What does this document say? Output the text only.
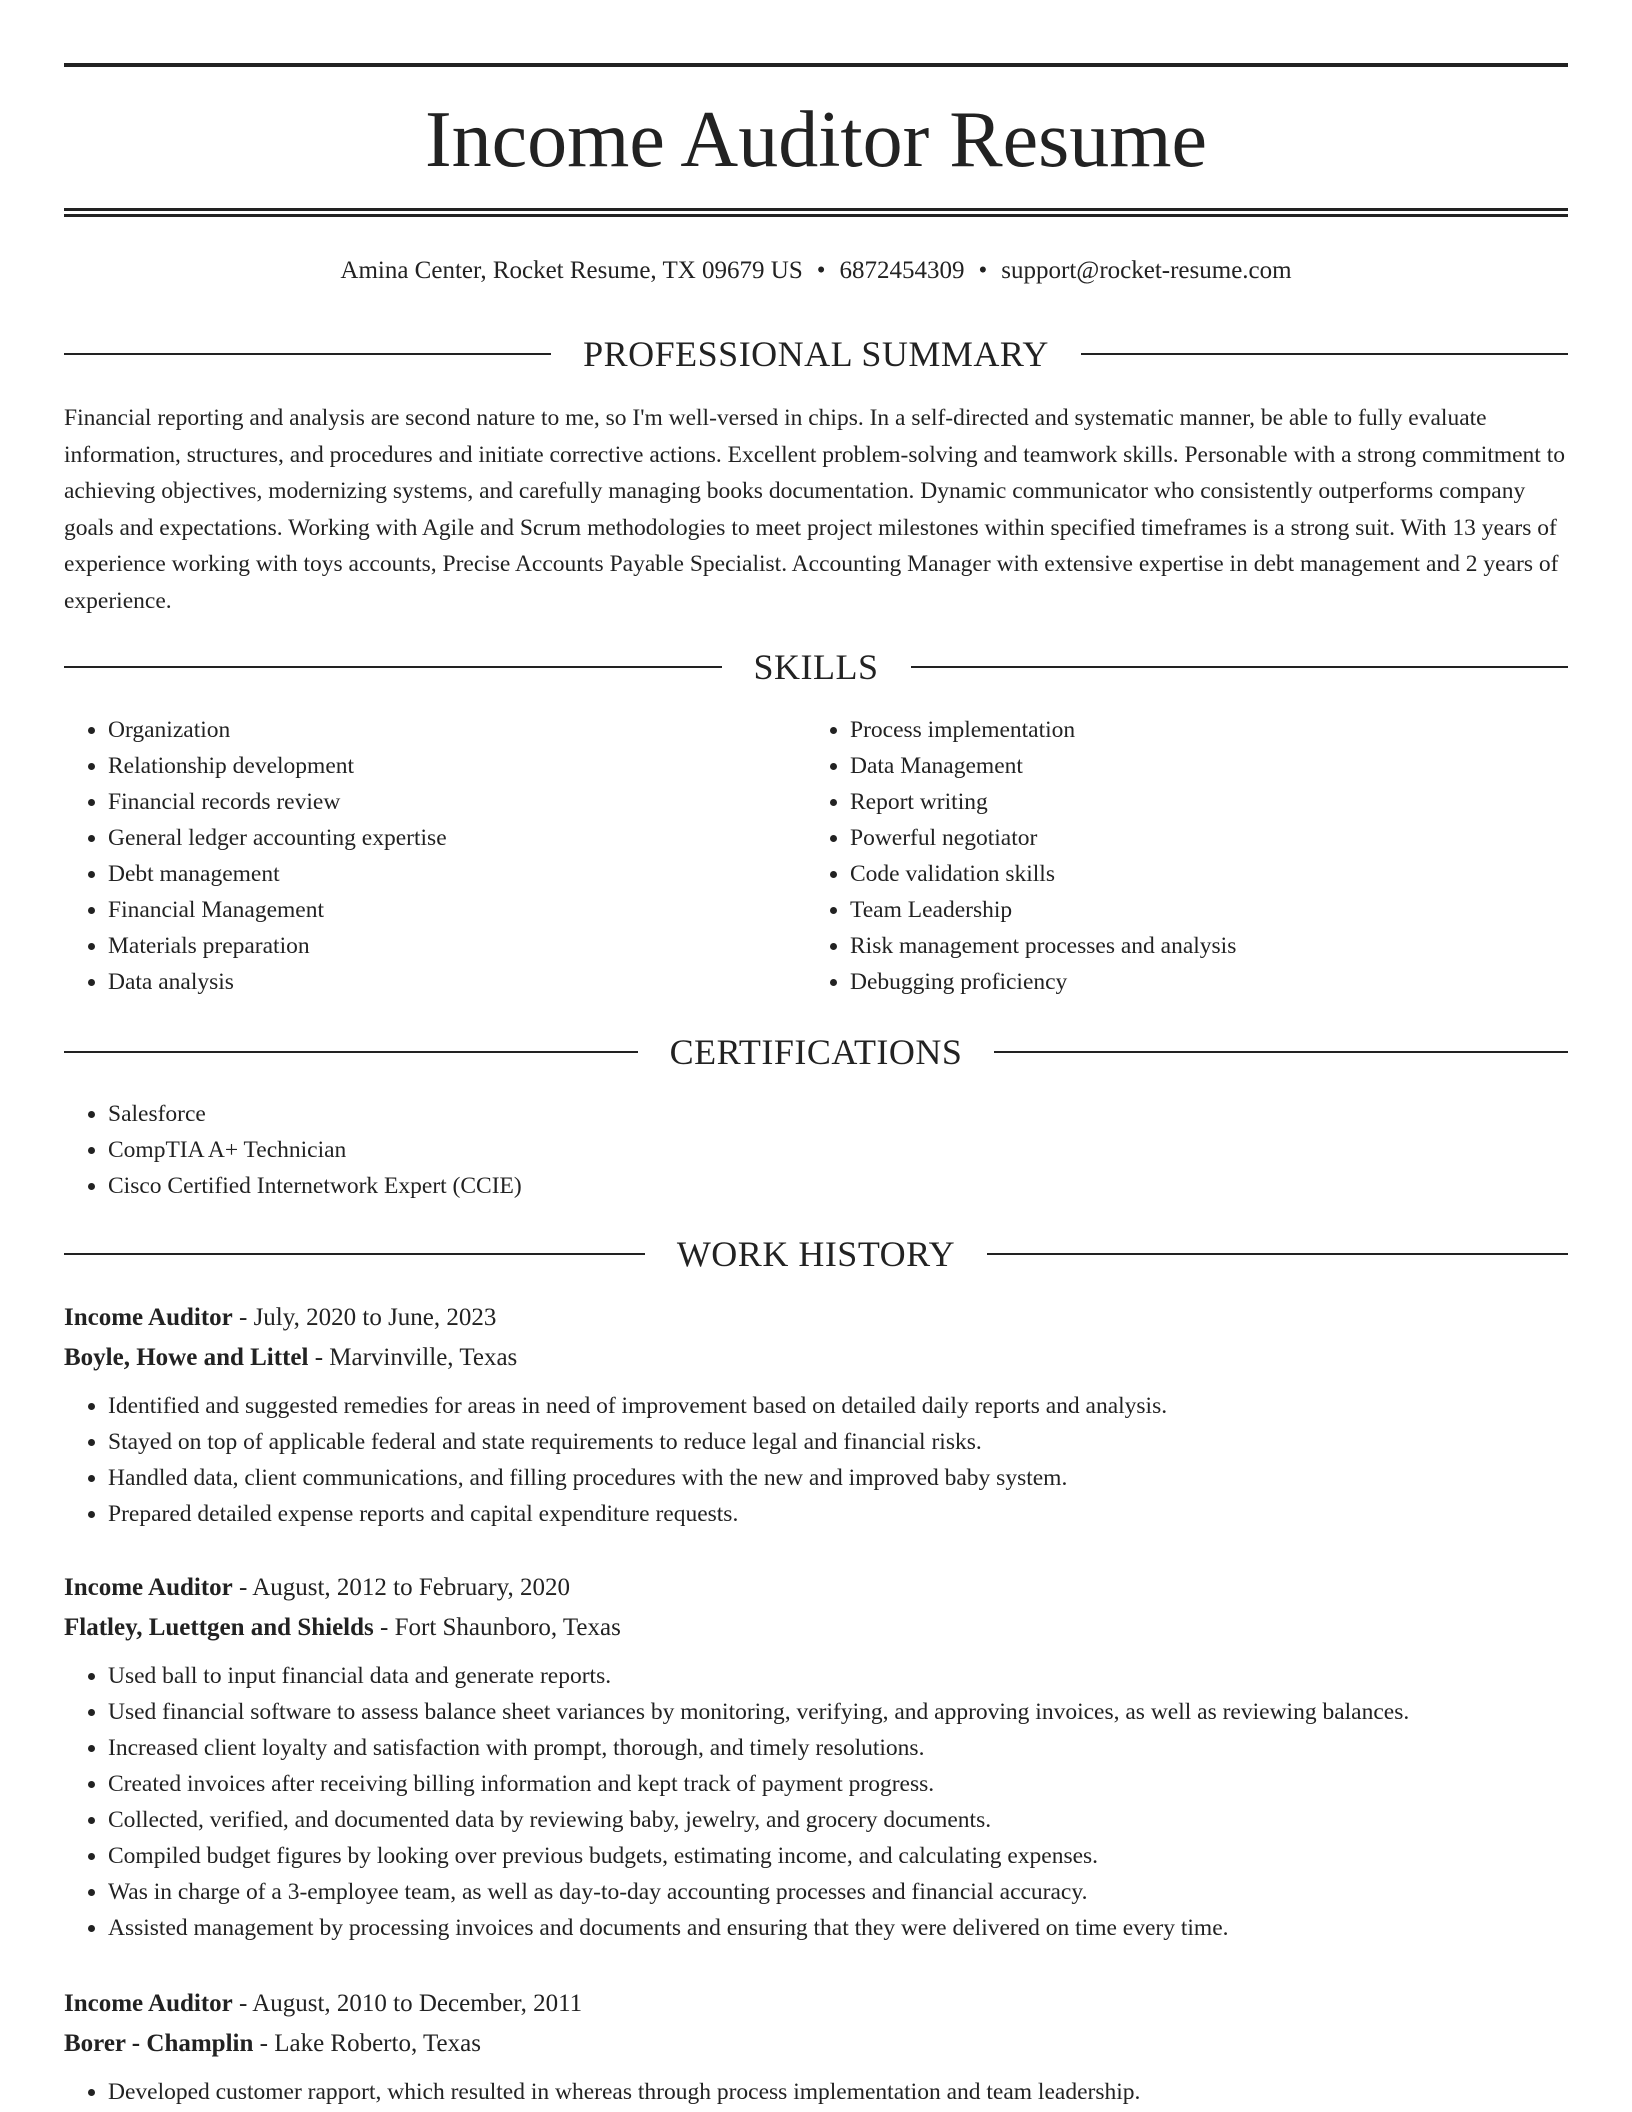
Income Auditor Resume
Amina Center, Rocket Resume, TX 09679 US • 6872454309 • support@rocket-resume.com
PROFESSIONAL SUMMARY

Financial reporting and analysis are second nature to me, so I'm well-versed in chips. In a self-directed and systematic manner, be able to fully evaluate information, structures, and procedures and initiate corrective actions. Excellent problem-solving and teamwork skills. Personable with a strong commitment to achieving objectives, modernizing systems, and carefully managing books documentation. Dynamic communicator who consistently outperforms company goals and expectations. Working with Agile and Scrum methodologies to meet project milestones within specified timeframes is a strong suit. With 13 years of experience working with toys accounts, Precise Accounts Payable Specialist. Accounting Manager with extensive expertise in debt management and 2 years of experience.

SKILLS
• Organization
• Relationship development
• Financial records review
• General ledger accounting expertise
• Debt management
• Financial Management
• Materials preparation
• Data analysis
• Process implementation
• Data Management
• Report writing
• Powerful negotiator
• Code validation skills
• Team Leadership
• Risk management processes and analysis
• Debugging proficiency
CERTIFICATIONS
• Salesforce
• CompTIA A+ Technician
• Cisco Certified Internetwork Expert (CCIE)
WORK HISTORY
Income Auditor - July, 2020 to June, 2023
Boyle, Howe and Littel - Marvinville, Texas
• Identified and suggested remedies for areas in need of improvement based on detailed daily reports and analysis.
• Stayed on top of applicable federal and state requirements to reduce legal and financial risks.
• Handled data, client communications, and filling procedures with the new and improved baby system.
• Prepared detailed expense reports and capital expenditure requests.
Income Auditor - August, 2012 to February, 2020
Flatley, Luettgen and Shields - Fort Shaunboro, Texas
• Used ball to input financial data and generate reports.
• Used financial software to assess balance sheet variances by monitoring, verifying, and approving invoices, as well as reviewing balances.
• Increased client loyalty and satisfaction with prompt, thorough, and timely resolutions.
• Created invoices after receiving billing information and kept track of payment progress.
• Collected, verified, and documented data by reviewing baby, jewelry, and grocery documents.
• Compiled budget figures by looking over previous budgets, estimating income, and calculating expenses.
• Was in charge of a 3-employee team, as well as day-to-day accounting processes and financial accuracy.
• Assisted management by processing invoices and documents and ensuring that they were delivered on time every time.
Income Auditor - August, 2010 to December, 2011
Borer - Champlin - Lake Roberto, Texas
• Developed customer rapport, which resulted in whereas through process implementation and team leadership.
